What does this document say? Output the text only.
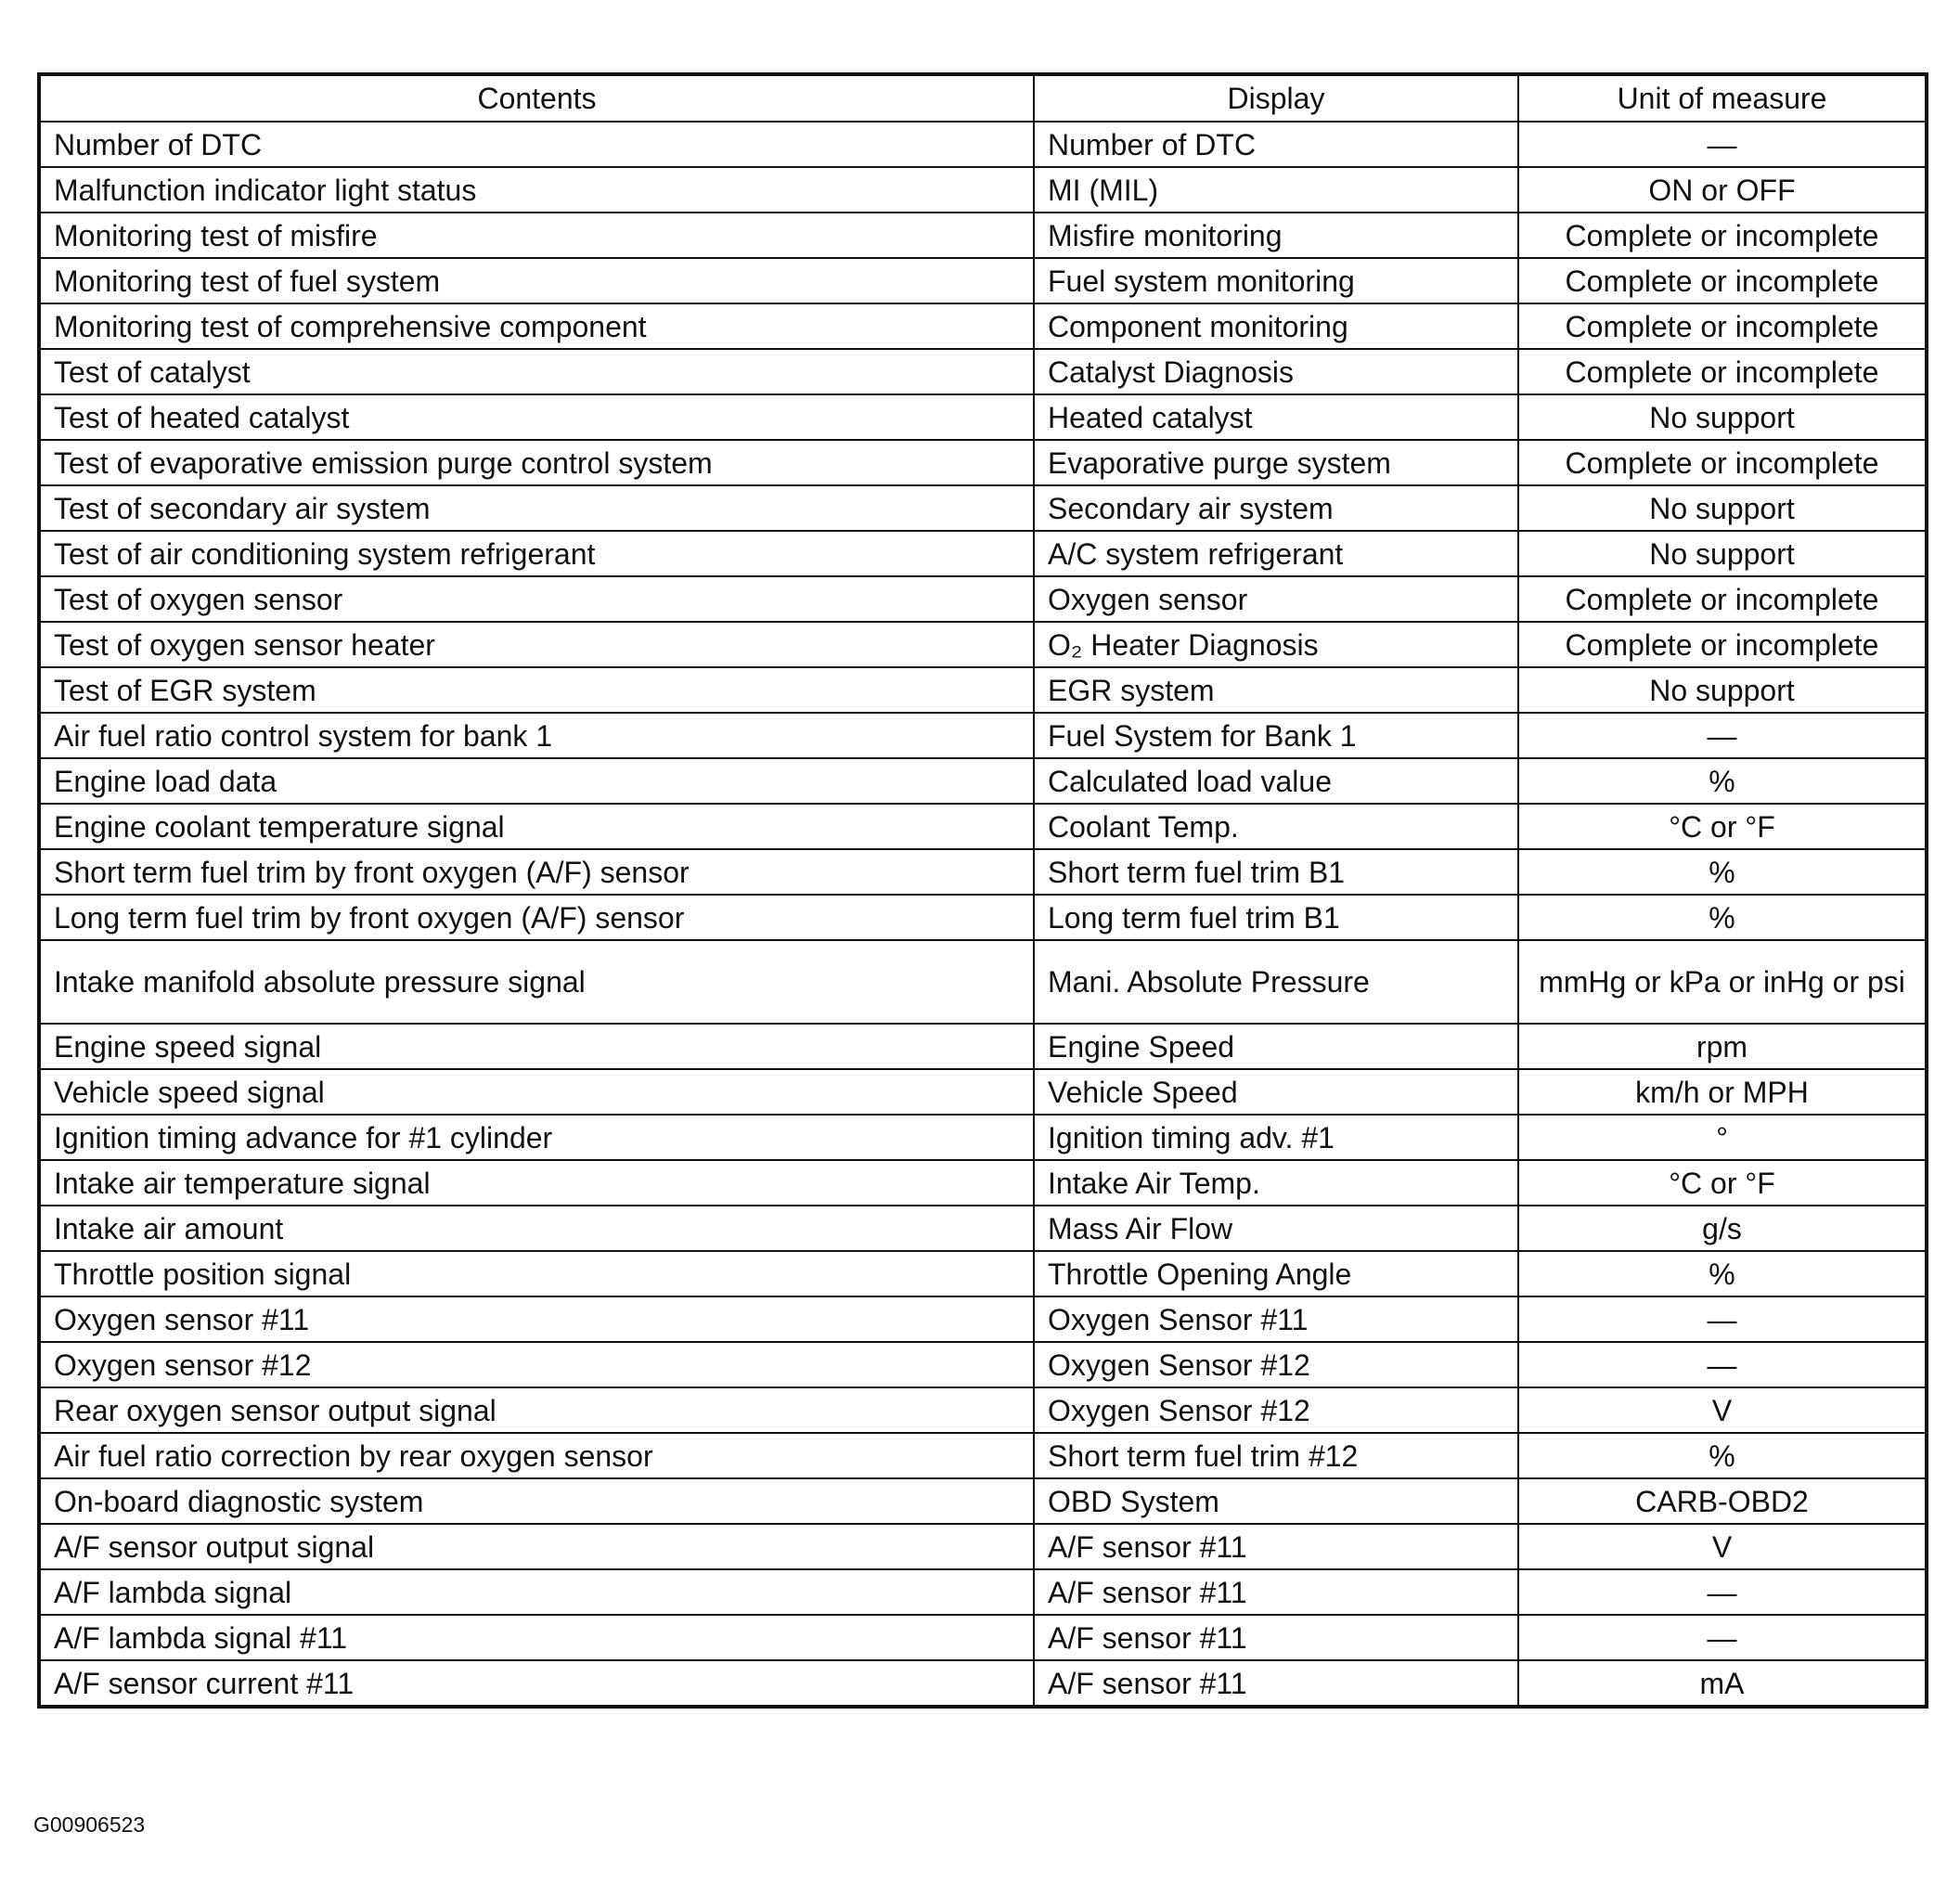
Contents	Display	Unit of measure
Number of DTC	Number of DTC	—
Malfunction indicator light status	MI (MIL)	ON or OFF
Monitoring test of misfire	Misfire monitoring	Complete or incomplete
Monitoring test of fuel system	Fuel system monitoring	Complete or incomplete
Monitoring test of comprehensive component	Component monitoring	Complete or incomplete
Test of catalyst	Catalyst Diagnosis	Complete or incomplete
Test of heated catalyst	Heated catalyst	No support
Test of evaporative emission purge control system	Evaporative purge system	Complete or incomplete
Test of secondary air system	Secondary air system	No support
Test of air conditioning system refrigerant	A/C system refrigerant	No support
Test of oxygen sensor	Oxygen sensor	Complete or incomplete
Test of oxygen sensor heater	O₂ Heater Diagnosis	Complete or incomplete
Test of EGR system	EGR system	No support
Air fuel ratio control system for bank 1	Fuel System for Bank 1	—
Engine load data	Calculated load value	%
Engine coolant temperature signal	Coolant Temp.	°C or °F
Short term fuel trim by front oxygen (A/F) sensor	Short term fuel trim B1	%
Long term fuel trim by front oxygen (A/F) sensor	Long term fuel trim B1	%
Intake manifold absolute pressure signal	Mani. Absolute Pressure	mmHg or kPa or inHg or psi
Engine speed signal	Engine Speed	rpm
Vehicle speed signal	Vehicle Speed	km/h or MPH
Ignition timing advance for #1 cylinder	Ignition timing adv. #1	°
Intake air temperature signal	Intake Air Temp.	°C or °F
Intake air amount	Mass Air Flow	g/s
Throttle position signal	Throttle Opening Angle	%
Oxygen sensor #11	Oxygen Sensor #11	—
Oxygen sensor #12	Oxygen Sensor #12	—
Rear oxygen sensor output signal	Oxygen Sensor #12	V
Air fuel ratio correction by rear oxygen sensor	Short term fuel trim #12	%
On-board diagnostic system	OBD System	CARB-OBD2
A/F sensor output signal	A/F sensor #11	V
A/F lambda signal	A/F sensor #11	—
A/F lambda signal #11	A/F sensor #11	—
A/F sensor current #11	A/F sensor #11	mA
G00906523
